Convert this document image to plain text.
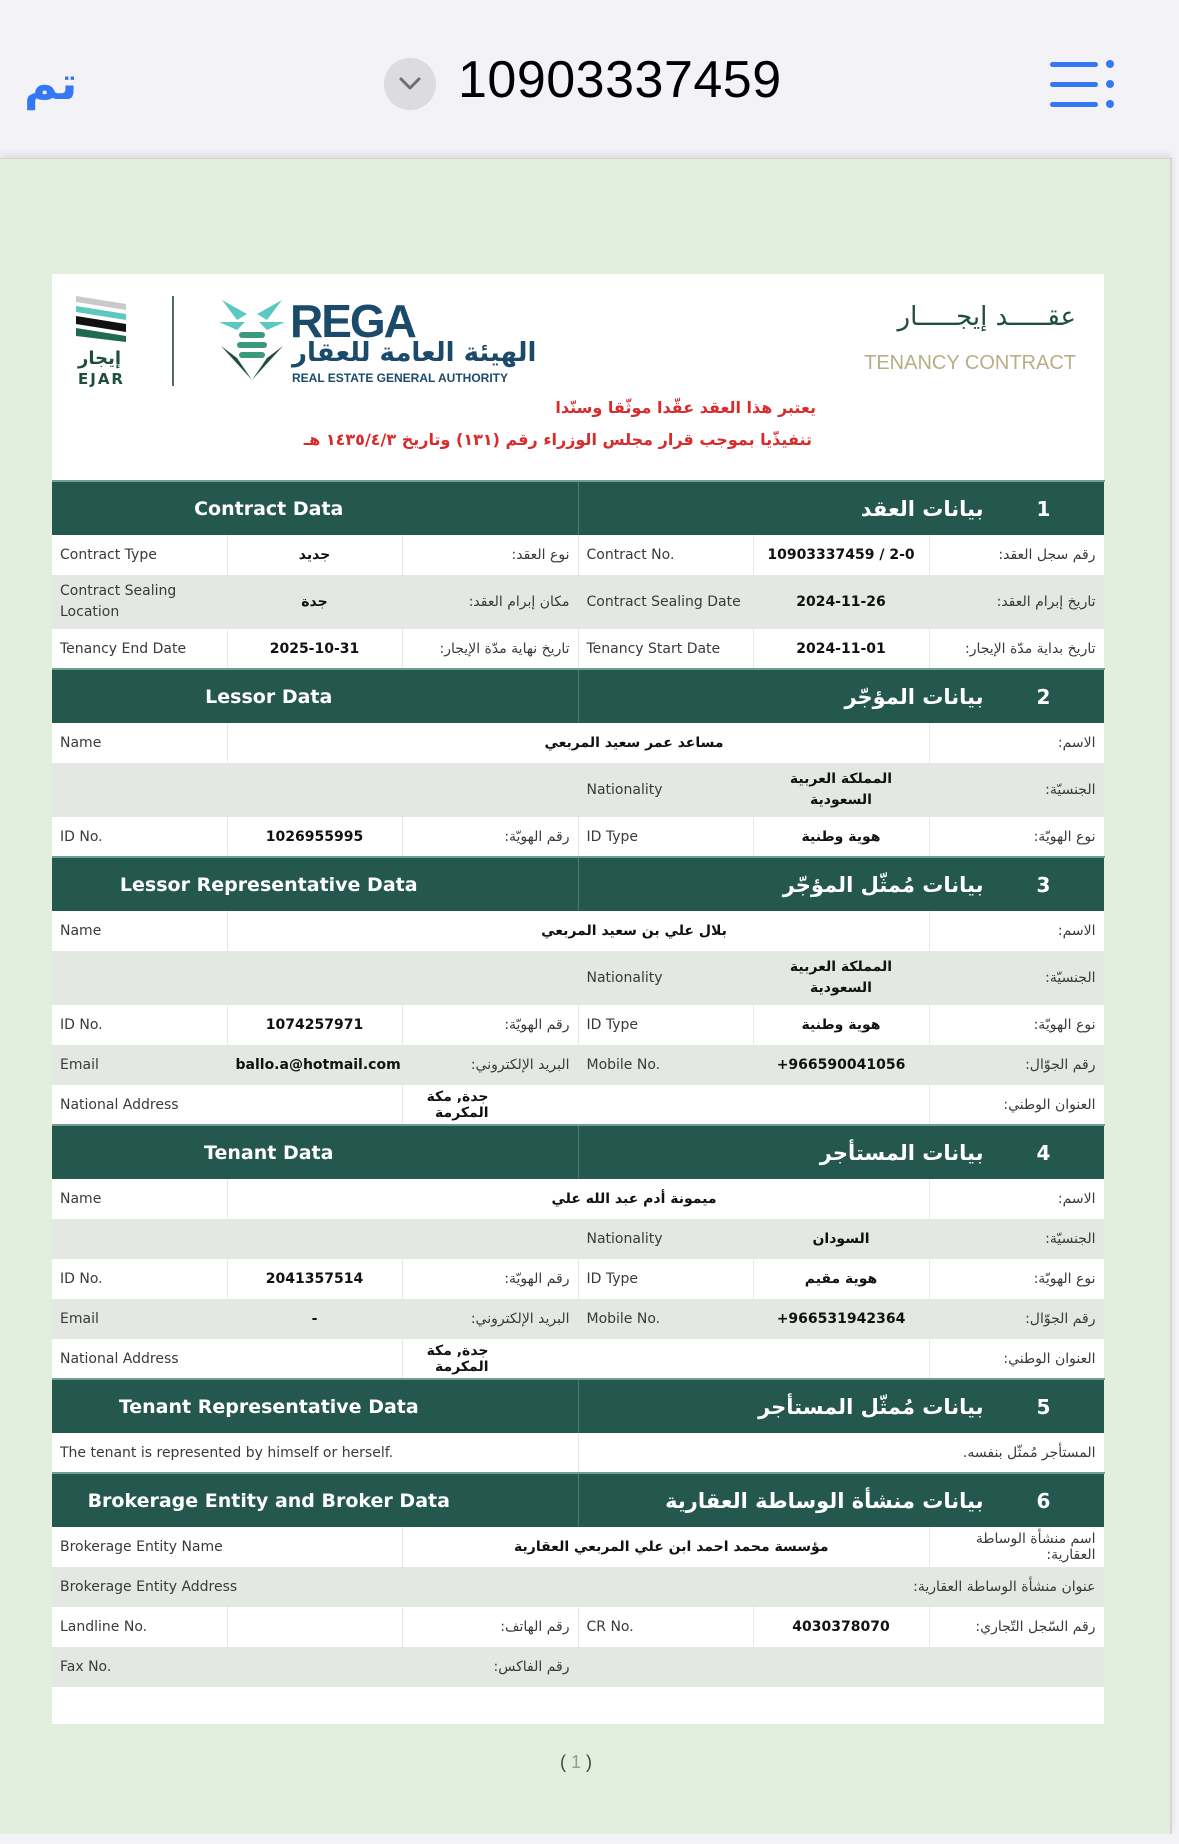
تم	10903337459
إيجار
EJAR
REGA
الهيئة العامة للعقار
REAL ESTATE GENERAL AUTHORITY
عقـــــد إيجـــــار
TENANCY CONTRACT
يعتبر هذا العقد عقّدا موثّقا وسنّدا
تنفيذّيا بموجب قرار مجلس الوزراء رقم (١٣١) وتاريخ ١٤٣٥/٤/٣ هـ
Contract Data			1بيانات العقد		
Contract Type	جديد	نوع العقد:	Contract No.	10903337459 / 2-0	رقم سجل العقد:
Contract Sealing Location	جدة	مكان إبرام العقد:	Contract Sealing Date	2024-11-26	تاريخ إبرام العقد:
Tenancy End Date	2025-10-31	تاريخ نهاية مدّة الإيجار:	Tenancy Start Date	2024-11-01	تاريخ بداية مدّة الإيجار:
Lessor Data			2بيانات المؤجّر		
Name	مساعد عمر سعيد المربعي				الاسم:
			Nationality	المملكة العربية السعودية	الجنسيّة:
ID No.	1026955995	رقم الهويّة:	ID Type	هوية وطنية	نوع الهويّة:
Lessor Representative Data			3بيانات مُمثّل المؤجّر		
Name	بلال علي بن سعيد المربعي				الاسم:
			Nationality	المملكة العربية السعودية	الجنسيّة:
ID No.	1074257971	رقم الهويّة:	ID Type	هوية وطنية	نوع الهويّة:
Email	ballo.a@hotmail.com	البريد الإلكتروني:	Mobile No.	+966590041056	رقم الجوّال:
National Address		جدة, مكة المكرمة			العنوان الوطني:
Tenant Data			4بيانات المستأجر		
Name	ميمونة أدم عبد الله علي				الاسم:
			Nationality	السودان	الجنسيّة:
ID No.	2041357514	رقم الهويّة:	ID Type	هوية مقيم	نوع الهويّة:
Email	-	البريد الإلكتروني:	Mobile No.	+966531942364	رقم الجوّال:
National Address		جدة, مكة المكرمة			العنوان الوطني:
Tenant Representative Data			5بيانات مُمثّل المستأجر		
The tenant is represented by himself or herself.			المستأجر مُمثّل بنفسه.		
Brokerage Entity and Broker Data			6بيانات منشأة الوساطة العقارية		
Brokerage Entity Name		مؤسسة محمد احمد ابن علي المربعي العقارية			اسم منشأة الوساطة العقارية:
Brokerage Entity Address				عنوان منشأة الوساطة العقارية:	
Landline No.		رقم الهاتف:	CR No.	4030378070	رقم السّجل التّجاري:
Fax No.		رقم الفاكس:			
( 1 )
